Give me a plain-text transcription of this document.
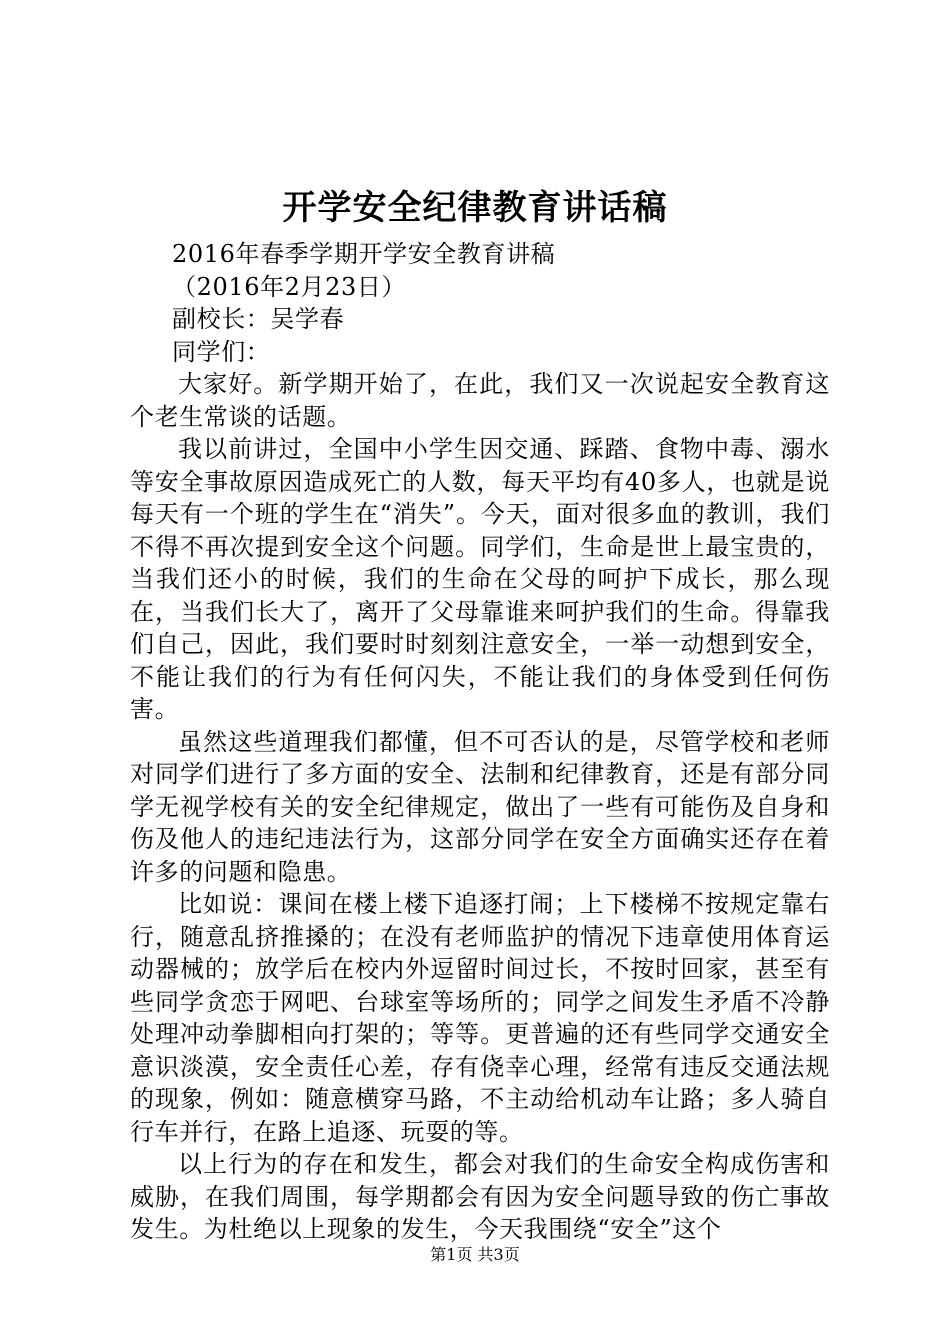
开学安全纪律教育讲话稿

2016年春季学期开学安全教育讲稿

（2016年2月23日）

副校长：吴学春

同学们：

大家好。新学期开始了，在此，我们又一次说起安全教育这个老生常谈的话题。

我以前讲过，全国中小学生因交通、踩踏、食物中毒、溺水等安全事故原因造成死亡的人数，每天平均有40多人，也就是说每天有一个班的学生在“消失”。今天，面对很多血的教训，我们不得不再次提到安全这个问题。同学们，生命是世上最宝贵的，当我们还小的时候，我们的生命在父母的呵护下成长，那么现在，当我们长大了，离开了父母靠谁来呵护我们的生命。得靠我们自己，因此，我们要时时刻刻注意安全，一举一动想到安全，不能让我们的行为有任何闪失，不能让我们的身体受到任何伤害。

虽然这些道理我们都懂，但不可否认的是，尽管学校和老师对同学们进行了多方面的安全、法制和纪律教育，还是有部分同学无视学校有关的安全纪律规定，做出了一些有可能伤及自身和伤及他人的违纪违法行为，这部分同学在安全方面确实还存在着许多的问题和隐患。

比如说：课间在楼上楼下追逐打闹；上下楼梯不按规定靠右行，随意乱挤推搡的；在没有老师监护的情况下违章使用体育运动器械的；放学后在校内外逗留时间过长，不按时回家，甚至有些同学贪恋于网吧、台球室等场所的；同学之间发生矛盾不冷静处理冲动拳脚相向打架的；等等。更普遍的还有些同学交通安全意识淡漠，安全责任心差，存有侥幸心理，经常有违反交通法规的现象，例如：随意横穿马路，不主动给机动车让路；多人骑自行车并行，在路上追逐、玩耍的等。

以上行为的存在和发生，都会对我们的生命安全构成伤害和威胁，在我们周围，每学期都会有因为安全问题导致的伤亡事故发生。为杜绝以上现象的发生，今天我围绕“安全”这个

第1页 共3页
